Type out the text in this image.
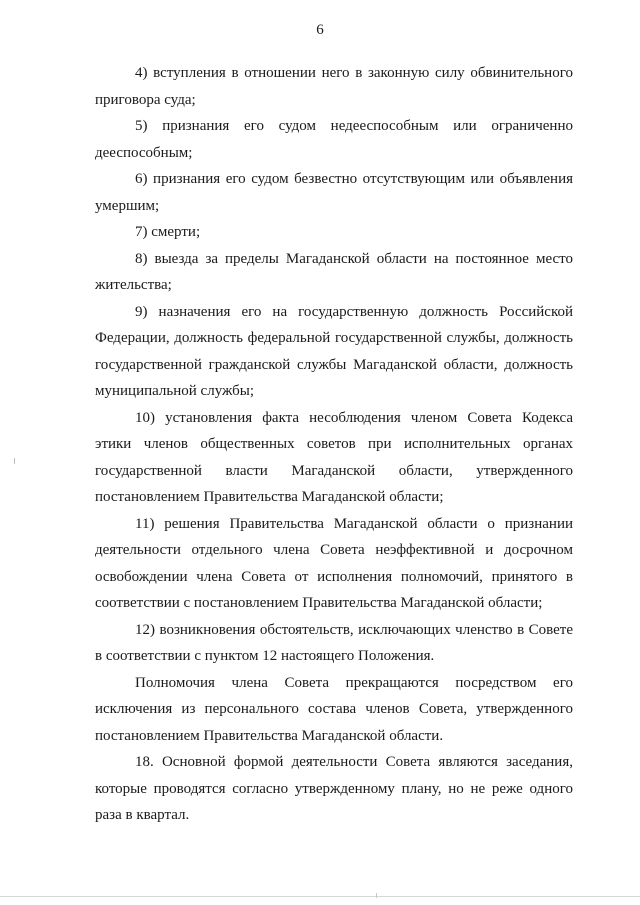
6

4) вступления в отношении него в законную силу обвинительного приговора суда;

5) признания его судом недееспособным или ограниченно дееспособным;

6) признания его судом безвестно отсутствующим или объявления умершим;

7) смерти;

8) выезда за пределы Магаданской области на постоянное место жительства;

9) назначения его на государственную должность Российской Федерации, должность федеральной государственной службы, должность государственной гражданской службы Магаданской области, должность муниципальной службы;

10) установления факта несоблюдения членом Совета Кодекса этики членов общественных советов при исполнительных органах государственной власти Магаданской области, утвержденного постановлением Правительства Магаданской области;

11) решения Правительства Магаданской области о признании деятельности отдельного члена Совета неэффективной и досрочном освобождении члена Совета от исполнения полномочий, принятого в соответствии с постановлением Правительства Магаданской области;

12) возникновения обстоятельств, исключающих членство в Совете в соответствии с пунктом 12 настоящего Положения.

Полномочия члена Совета прекращаются посредством его исключения из персонального состава членов Совета, утвержденного постановлением Правительства Магаданской области.

18. Основной формой деятельности Совета являются заседания, которые проводятся согласно утвержденному плану, но не реже одного раза в квартал.
